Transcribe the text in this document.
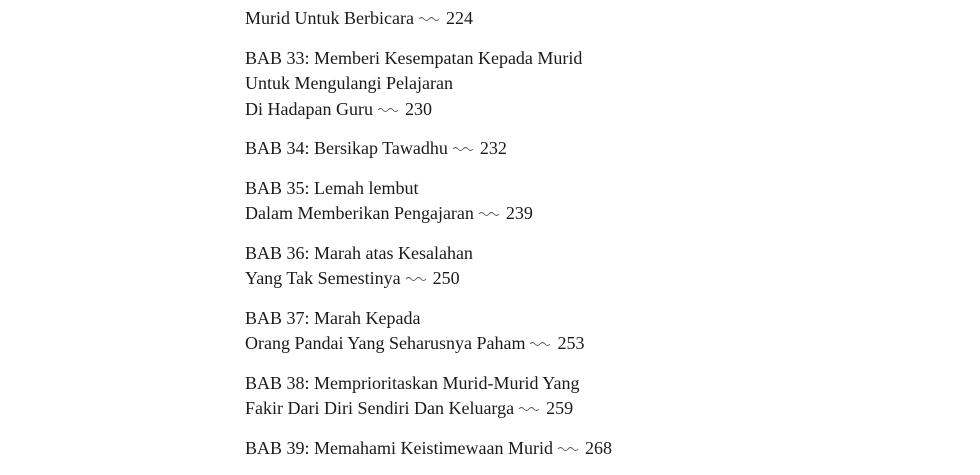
Murid Untuk Berbicara 224
BAB 33: Memberi Kesempatan Kepada Murid
Untuk Mengulangi Pelajaran
Di Hadapan Guru 230
BAB 34: Bersikap Tawadhu 232
BAB 35: Lemah lembut
Dalam Memberikan Pengajaran 239
BAB 36: Marah atas Kesalahan
Yang Tak Semestinya 250
BAB 37: Marah Kepada
Orang Pandai Yang Seharusnya Paham 253
BAB 38: Memprioritaskan Murid-Murid Yang
Fakir Dari Diri Sendiri Dan Keluarga 259
BAB 39: Memahami Keistimewaan Murid 268
